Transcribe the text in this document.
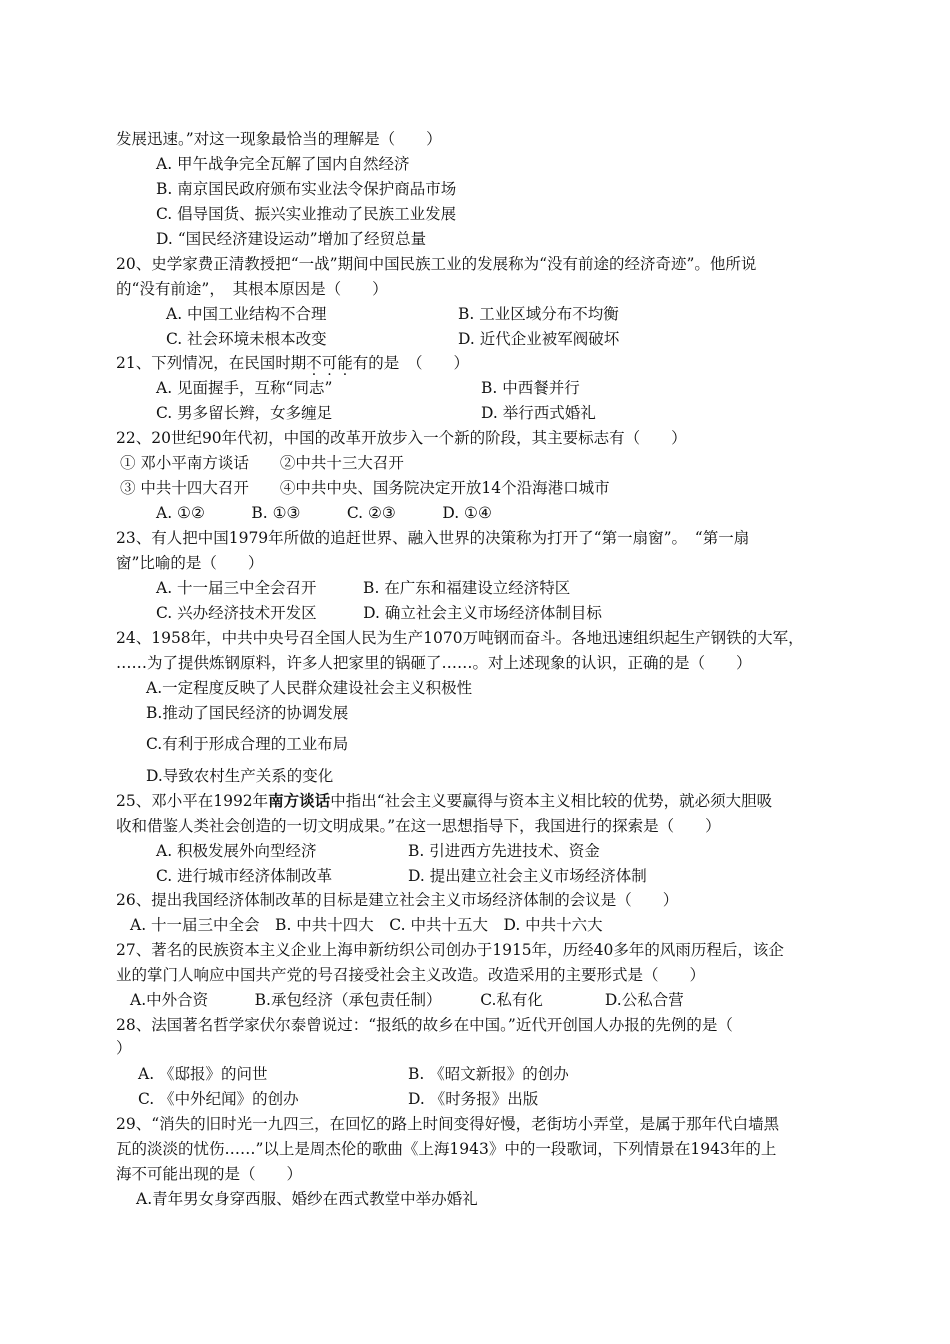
发展迅速。”对这一现象最恰当的理解是（　　）
A. 甲午战争完全瓦解了国内自然经济
B. 南京国民政府颁布实业法令保护商品市场
C. 倡导国货、振兴实业推动了民族工业发展
D. “国民经济建设运动”增加了经贸总量
20、史学家费正清教授把“一战”期间中国民族工业的发展称为“没有前途的经济奇迹”。他所说
的“没有前途”，　其根本原因是（　　）
A. 中国工业结构不合理	B. 工业区域分布不均衡
C. 社会环境未根本改变	D. 近代企业被军阀破坏
21、下列情况，在民国时期不可能有的是　（　　）
A. 见面握手，互称“同志”	B. 中西餐并行
C. 男多留长辫，女多缠足	D. 举行西式婚礼
22、20世纪90年代初，中国的改革开放步入一个新的阶段，其主要标志有（　　）
① 邓小平南方谈话　　②中共十三大召开
③ 中共十四大召开　　④中共中央、国务院决定开放14个沿海港口城市
A. ①②　　　B. ①③　　　C. ②③　　　D. ①④
23、有人把中国1979年所做的追赶世界、融入世界的决策称为打开了“第一扇窗”。　“第一扇
窗”比喻的是（　　）
A. 十一届三中全会召开　　　B. 在广东和福建设立经济特区
C. 兴办经济技术开发区　　　D. 确立社会主义市场经济体制目标
24、1958年，中共中央号召全国人民为生产1070万吨钢而奋斗。各地迅速组织起生产钢铁的大军，
……为了提供炼钢原料，许多人把家里的锅砸了……。对上述现象的认识，正确的是（　　）
A.一定程度反映了人民群众建设社会主义积极性
B.推动了国民经济的协调发展
C.有利于形成合理的工业布局
D.导致农村生产关系的变化
25、邓小平在1992年南方谈话中指出“社会主义要赢得与资本主义相比较的优势，就必须大胆吸
收和借鉴人类社会创造的一切文明成果。”在这一思想指导下，我国进行的探索是（　　）
A. 积极发展外向型经济	B. 引进西方先进技术、资金
C. 进行城市经济体制改革	D. 提出建立社会主义市场经济体制
26、提出我国经济体制改革的目标是建立社会主义市场经济体制的会议是（　　）
A. 十一届三中全会　B. 中共十四大　C. 中共十五大　D. 中共十六大
27、著名的民族资本主义企业上海申新纺织公司创办于1915年，历经40多年的风雨历程后，该企
业的掌门人响应中国共产党的号召接受社会主义改造。改造采用的主要形式是（　　）
A.中外合资　　　B.承包经济（承包责任制）　　　C.私有化　　　　D.公私合营
28、法国著名哲学家伏尔泰曾说过：“报纸的故乡在中国。”近代开创国人办报的先例的是（
）
A. 《邸报》的问世	B. 《昭文新报》的创办
C. 《中外纪闻》的创办	D. 《时务报》出版
29、“消失的旧时光一九四三，在回忆的路上时间变得好慢，老街坊小弄堂，是属于那年代白墙黑
瓦的淡淡的忧伤……”以上是周杰伦的歌曲《上海1943》中的一段歌词，下列情景在1943年的上
海不可能出现的是（　　）
A.青年男女身穿西服、婚纱在西式教堂中举办婚礼
